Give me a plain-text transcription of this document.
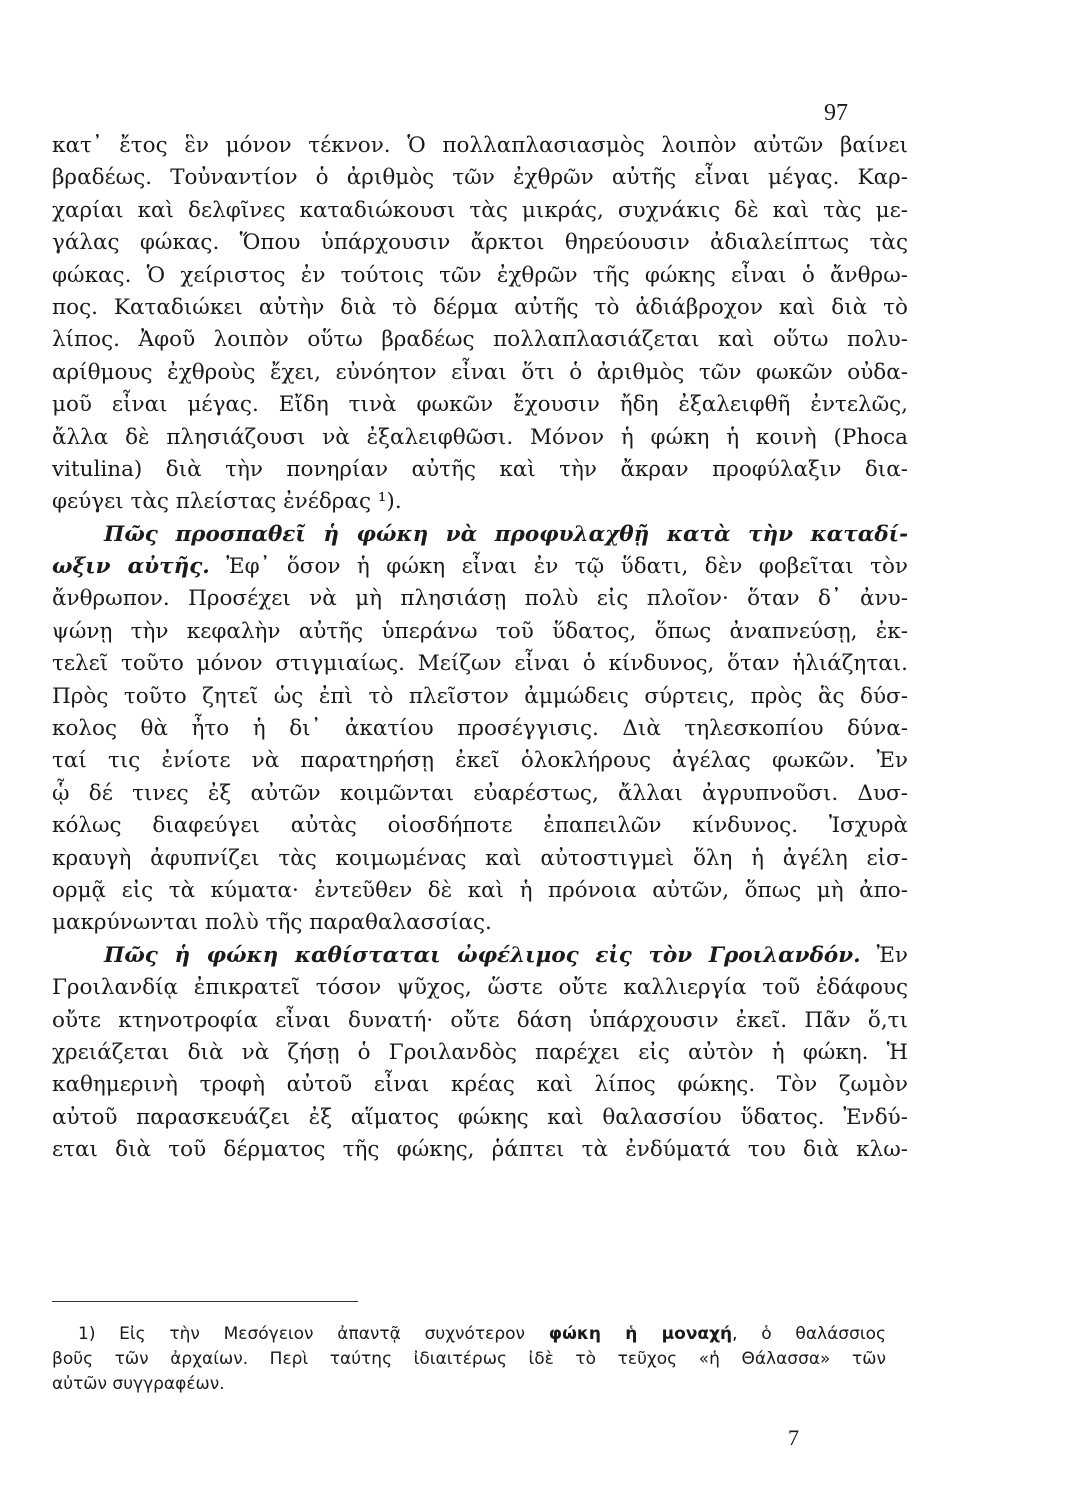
97
κατ᾽ ἔτος ἓν μόνον τέκνον. Ὁ πολλαπλασιασμὸς λοιπὸν αὐτῶν βαίνει
βραδέως. Τοὐναντίον ὁ ἀριθμὸς τῶν ἐχθρῶν αὐτῆς εἶναι μέγας. Καρ-
χαρίαι καὶ δελφῖνες καταδιώκουσι τὰς μικράς, συχνάκις δὲ καὶ τὰς με-
γάλας φώκας. Ὅπου ὑπάρχουσιν ἄρκτοι θηρεύουσιν ἀδιαλείπτως τὰς
φώκας. Ὁ χείριστος ἐν τούτοις τῶν ἐχθρῶν τῆς φώκης εἶναι ὁ ἄνθρω-
πος. Καταδιώκει αὐτὴν διὰ τὸ δέρμα αὐτῆς τὸ ἀδιάβροχον καὶ διὰ τὸ
λίπος. Ἀφοῦ λοιπὸν οὕτω βραδέως πολλαπλασιάζεται καὶ οὕτω πολυ-
αρίθμους ἐχθροὺς ἔχει, εὐνόητον εἶναι ὅτι ὁ ἀριθμὸς τῶν φωκῶν οὐδα-
μοῦ εἶναι μέγας. Εἴδη τινὰ φωκῶν ἔχουσιν ἤδη ἐξαλειφθῆ ἐντελῶς,
ἄλλα δὲ πλησιάζουσι νὰ ἐξαλειφθῶσι. Μόνον ἡ φώκη ἡ κοινὴ (Phoca
vitulina) διὰ τὴν πονηρίαν αὐτῆς καὶ τὴν ἄκραν προφύλαξιν δια-
φεύγει τὰς πλείστας ἐνέδρας ¹).
Πῶς προσπαθεῖ ἡ φώκη νὰ προφυλαχθῇ κατὰ τὴν καταδί-
ωξιν αὐτῆς. Ἐφ᾽ ὅσον ἡ φώκη εἶναι ἐν τῷ ὕδατι, δὲν φοβεῖται τὸν
ἄνθρωπον. Προσέχει νὰ μὴ πλησιάσῃ πολὺ εἰς πλοῖον· ὅταν δ᾽ ἀνυ-
ψώνῃ τὴν κεφαλὴν αὐτῆς ὑπεράνω τοῦ ὕδατος, ὅπως ἀναπνεύσῃ, ἐκ-
τελεῖ τοῦτο μόνον στιγμιαίως. Μείζων εἶναι ὁ κίνδυνος, ὅταν ἡλιάζηται.
Πρὸς τοῦτο ζητεῖ ὡς ἐπὶ τὸ πλεῖστον ἀμμώδεις σύρτεις, πρὸς ἃς δύσ-
κολος θὰ ἦτο ἡ δι᾽ ἀκατίου προσέγγισις. Διὰ τηλεσκοπίου δύνα-
ταί τις ἐνίοτε νὰ παρατηρήσῃ ἐκεῖ ὁλοκλήρους ἀγέλας φωκῶν. Ἐν
ᾧ δέ τινες ἐξ αὐτῶν κοιμῶνται εὐαρέστως, ἄλλαι ἀγρυπνοῦσι. Δυσ-
κόλως διαφεύγει αὐτὰς οἱοσδήποτε ἐπαπειλῶν κίνδυνος. Ἰσχυρὰ
κραυγὴ ἀφυπνίζει τὰς κοιμωμένας καὶ αὐτοστιγμεὶ ὅλη ἡ ἀγέλη εἰσ-
ορμᾷ εἰς τὰ κύματα· ἐντεῦθεν δὲ καὶ ἡ πρόνοια αὐτῶν, ὅπως μὴ ἀπο-
μακρύνωνται πολὺ τῆς παραθαλασσίας.
Πῶς ἡ φώκη καθίσταται ὠφέλιμος εἰς τὸν Γροιλανδόν. Ἐν
Γροιλανδίᾳ ἐπικρατεῖ τόσον ψῦχος, ὥστε οὔτε καλλιεργία τοῦ ἐδάφους
οὔτε κτηνοτροφία εἶναι δυνατή· οὔτε δάση ὑπάρχουσιν ἐκεῖ. Πᾶν ὅ,τι
χρειάζεται διὰ νὰ ζήσῃ ὁ Γροιλανδὸς παρέχει εἰς αὐτὸν ἡ φώκη. Ἡ
καθημερινὴ τροφὴ αὐτοῦ εἶναι κρέας καὶ λίπος φώκης. Τὸν ζωμὸν
αὐτοῦ παρασκευάζει ἐξ αἵματος φώκης καὶ θαλασσίου ὕδατος. Ἐνδύ-
εται διὰ τοῦ δέρματος τῆς φώκης, ῥάπτει τὰ ἐνδύματά του διὰ κλω-
1) Εἰς τὴν Μεσόγειον ἀπαντᾷ συχνότερον φώκη ἡ μοναχή, ὁ θαλάσσιος
βοῦς τῶν ἀρχαίων. Περὶ ταύτης ἰδιαιτέρως ἰδὲ τὸ τεῦχος «ἡ Θάλασσα» τῶν
αὐτῶν συγγραφέων.
7
